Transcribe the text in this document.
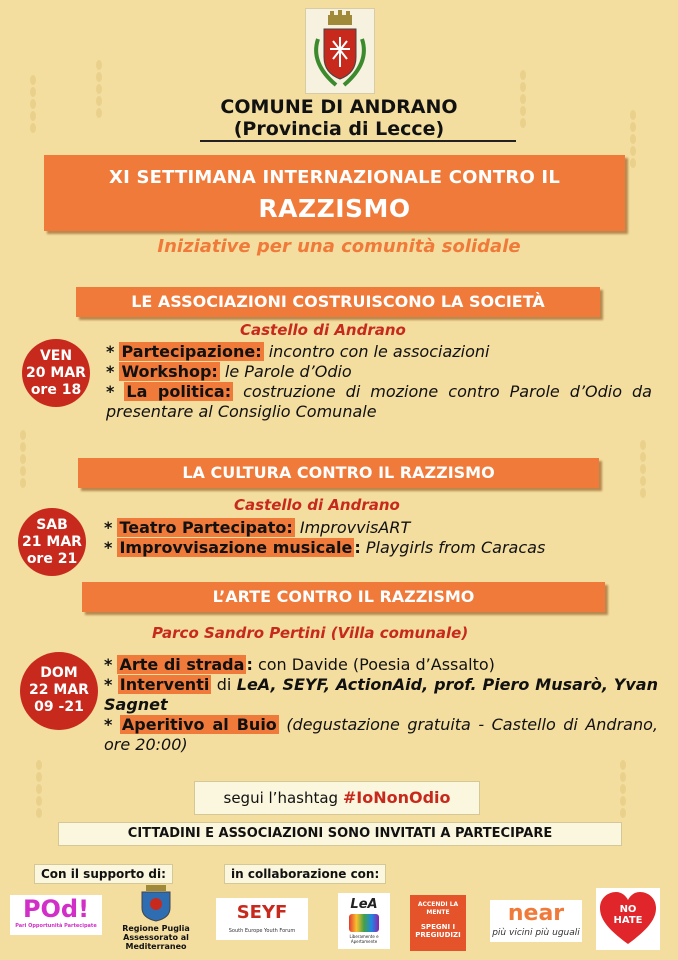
COMUNE DI ANDRANO
(Provincia di Lecce)
XI SETTIMANA INTERNAZIONALE CONTRO IL
RAZZISMO
Iniziative per una comunità solidale
LE ASSOCIAZIONI COSTRUISCONO LA SOCIETÀ
Castello di Andrano
VEN
20 MAR
ore 18
* Partecipazione: incontro con le associazioni
* Workshop: le Parole d’Odio
* La politica: costruzione di mozione contro Parole d’Odio da presentare al Consiglio Comunale
LA CULTURA CONTRO IL RAZZISMO
Castello di Andrano
SAB
21 MAR
ore 21
* Teatro Partecipato: ImprovvisART
* Improvvisazione musicale : Playgirls from Caracas
L’ARTE CONTRO IL RAZZISMO
Parco Sandro Pertini (Villa comunale)
DOM
22 MAR
09 -21
* Arte di strada : con Davide (Poesia d’Assalto)
* Interventi di LeA, SEYF, ActionAid, prof. Piero Musarò, Yvan Sagnet
* Aperitivo al Buio (degustazione gratuita - Castello di Andrano, ore 20:00)
segui l’hashtag #IoNonOdio
CITTADINI E ASSOCIAZIONI SONO INVITATI A PARTECIPARE
Con il supporto di:	in collaborazione con:
POd!
Pari Opportunità Partecipate	Regione Puglia
Assessorato al Mediterraneo
SEYF
South Europe Youth Forum
LeA
Liberamente e Apertamente
ACCENDI LA MENTE
SPEGNI I PREGIUDIZI
near
più vicini più uguali
NO
HATE
